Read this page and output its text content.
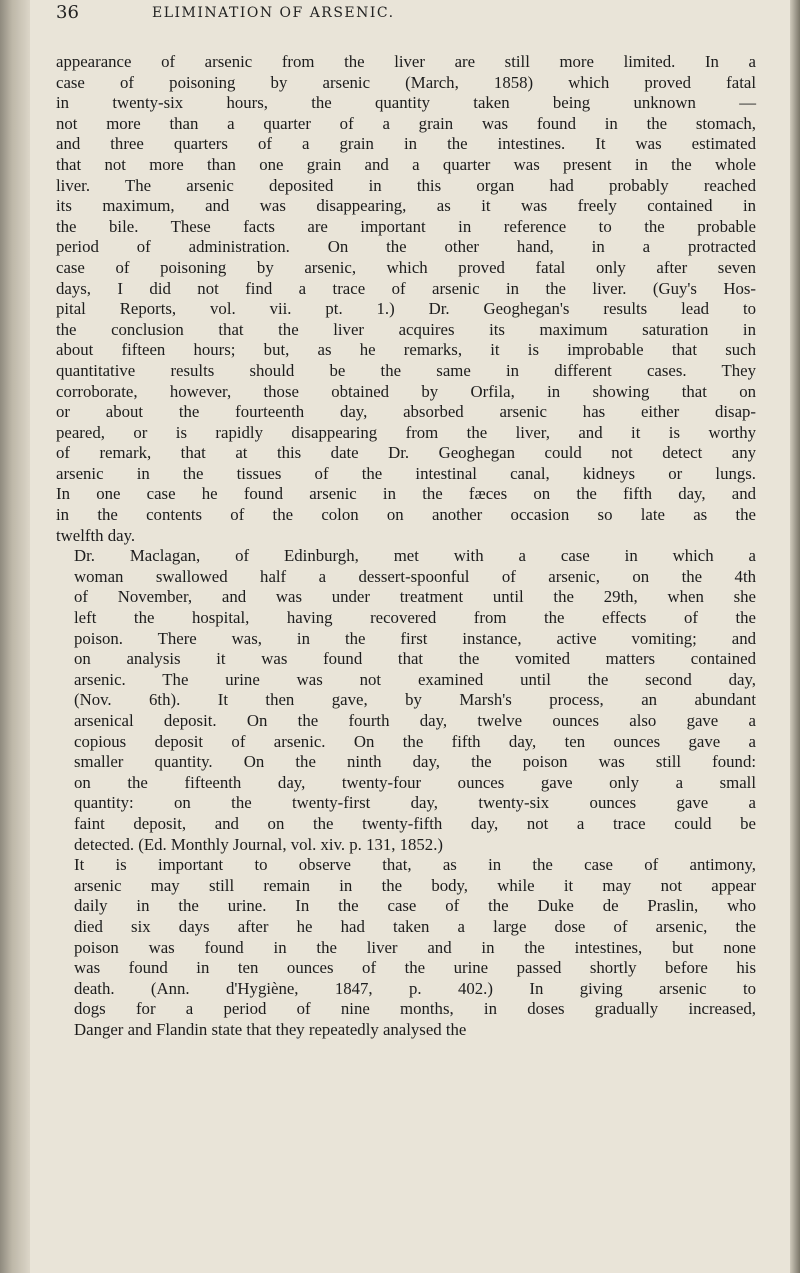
36	ELIMINATION OF ARSENIC.

appearance of arsenic from the liver are still more limited. In a
case of poisoning by arsenic (March, 1858) which proved fatal
in twenty-six hours, the quantity taken being unknown —
not more than a quarter of a grain was found in the stomach,
and three quarters of a grain in the intestines. It was estimated
that not more than one grain and a quarter was present in the whole
liver. The arsenic deposited in this organ had probably reached
its maximum, and was disappearing, as it was freely contained in
the bile. These facts are important in reference to the probable
period of administration. On the other hand, in a protracted
case of poisoning by arsenic, which proved fatal only after seven
days, I did not find a trace of arsenic in the liver. (Guy's Hos-
pital Reports, vol. vii. pt. 1.) Dr. Geoghegan's results lead to
the conclusion that the liver acquires its maximum saturation in
about fifteen hours; but, as he remarks, it is improbable that such
quantitative results should be the same in different cases. They
corroborate, however, those obtained by Orfila, in showing that on
or about the fourteenth day, absorbed arsenic has either disap-
peared, or is rapidly disappearing from the liver, and it is worthy
of remark, that at this date Dr. Geoghegan could not detect any
arsenic in the tissues of the intestinal canal, kidneys or lungs.
In one case he found arsenic in the fæces on the fifth day, and
in the contents of the colon on another occasion so late as the
twelfth day.

Dr. Maclagan, of Edinburgh, met with a case in which a
woman swallowed half a dessert-spoonful of arsenic, on the 4th
of November, and was under treatment until the 29th, when she
left the hospital, having recovered from the effects of the
poison. There was, in the first instance, active vomiting; and
on analysis it was found that the vomited matters contained
arsenic. The urine was not examined until the second day,
(Nov. 6th). It then gave, by Marsh's process, an abundant
arsenical deposit. On the fourth day, twelve ounces also gave a
copious deposit of arsenic. On the fifth day, ten ounces gave a
smaller quantity. On the ninth day, the poison was still found:
on the fifteenth day, twenty-four ounces gave only a small
quantity: on the twenty-first day, twenty-six ounces gave a
faint deposit, and on the twenty-fifth day, not a trace could be
detected. (Ed. Monthly Journal, vol. xiv. p. 131, 1852.)

It is important to observe that, as in the case of antimony,
arsenic may still remain in the body, while it may not appear
daily in the urine. In the case of the Duke de Praslin, who
died six days after he had taken a large dose of arsenic, the
poison was found in the liver and in the intestines, but none
was found in ten ounces of the urine passed shortly before his
death. (Ann. d'Hygiène, 1847, p. 402.) In giving arsenic to
dogs for a period of nine months, in doses gradually increased,
Danger and Flandin state that they repeatedly analysed the
